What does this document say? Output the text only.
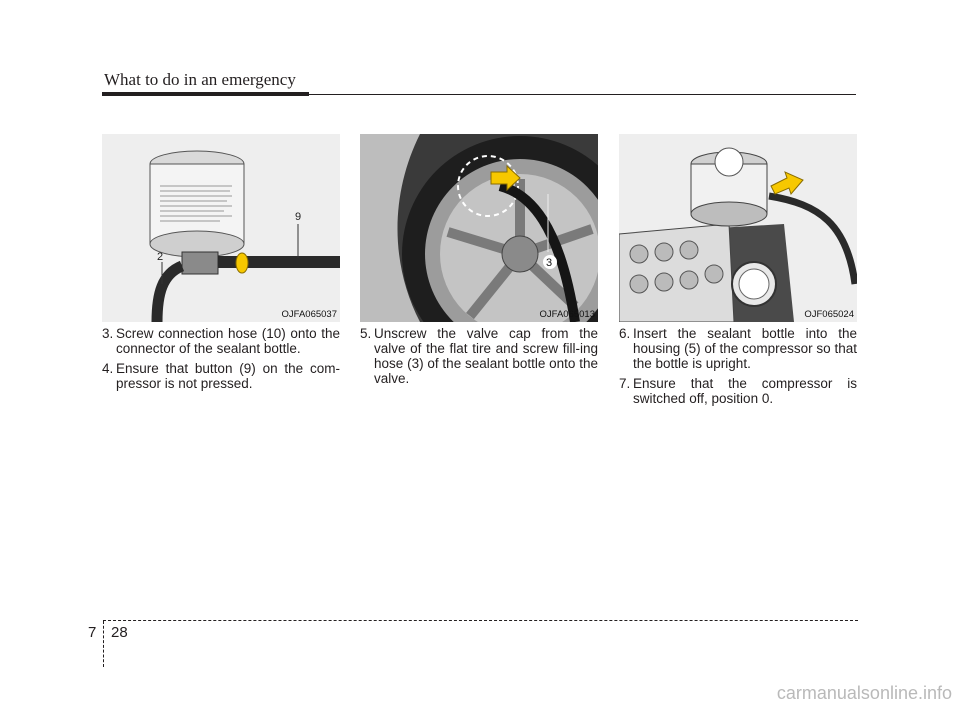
What to do in an emergency
9
2
OJFA065037
3
OJFA065013	OJF065024
3. Screw connection hose (10) onto the connector of the sealant bottle.
4. Ensure that button (9) on the com-pressor is not pressed.
5. Unscrew the valve cap from the valve of the flat tire and screw fill-ing hose (3) of the sealant bottle onto the valve.
6. Insert the sealant bottle into the housing (5) of the compressor so that the bottle is upright.
7. Ensure that the compressor is switched off, position 0.
7 28
carmanualsonline.info
